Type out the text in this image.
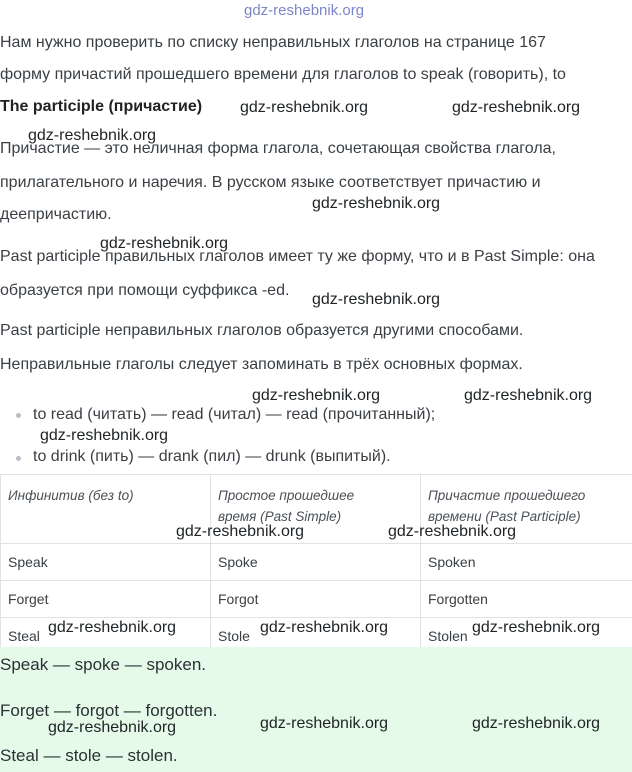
gdz-reshebnik.org
Нам нужно проверить по списку неправильных глаголов на странице 167
форму причастий прошедшего времени для глаголов to speak (говорить), to
The participle (причастие) gdz-reshebnik.org	gdz-reshebnik.org
gdz-reshebnik.org
Причастие — это неличная форма глагола, сочетающая свойства глагола,
прилагательного и наречия. В русском языке соответствует причастию и
деепричастию.
gdz-reshebnik.org
gdz-reshebnik.org
Past participle правильных глаголов имеет ту же форму, что и в Past Simple: она
образуется при помощи суффикса -ed.
gdz-reshebnik.org
Past participle неправильных глаголов образуется другими способами.
Неправильные глаголы следует запоминать в трёх основных формах.
gdz-reshebnik.org	gdz-reshebnik.org
to read (читать) — read (читал) — read (прочитанный);
gdz-reshebnik.org
to drink (пить) — drank (пил) — drunk (выпитый).
Инфинитив (без to)	Простое прошедшее
время (Past Simple)	Причастие прошедшего
времени (Past Participle)
Speak	Spoke	Spoken
Forget	Forgot	Forgotten
Steal	Stole	Stolen
gdz-reshebnik.org	gdz-reshebnik.org
gdz-reshebnik.org	gdz-reshebnik.org	gdz-reshebnik.org
Speak — spoke — spoken.
Forget — forgot — forgotten.
Steal — stole — stolen.
gdz-reshebnik.org	gdz-reshebnik.org	gdz-reshebnik.org
